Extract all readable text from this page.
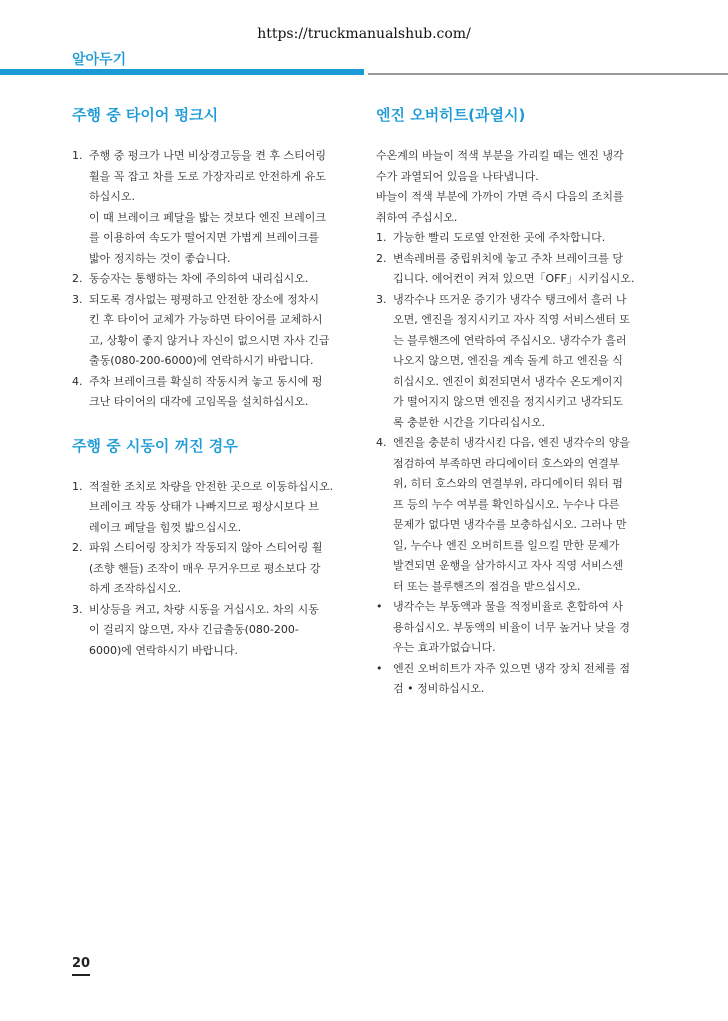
https://truckmanualshub.com/
알아두기
주행 중 타이어 펑크시
1. 주행 중 펑크가 나면 비상경고등을 켠 후 스티어링
휠을 꼭 잡고 차를 도로 가장자리로 안전하게 유도
하십시오.
이 때 브레이크 페달을 밟는 것보다 엔진 브레이크
를 이용하여 속도가 떨어지면 가볍게 브레이크를
밟아 정지하는 것이 좋습니다.
2. 동승자는 통행하는 차에 주의하여 내리십시오.
3. 되도록 경사없는 평평하고 안전한 장소에 정차시
킨 후 타이어 교체가 가능하면 타이어를 교체하시
고, 상황이 좋지 않거나 자신이 없으시면 자사 긴급
출동(080-200-6000)에 연락하시기 바랍니다.
4. 주차 브레이크를 확실히 작동시켜 놓고 동시에 펑
크난 타이어의 대각에 고임목을 설치하십시오.
주행 중 시동이 꺼진 경우
1. 적절한 조치로 차량을 안전한 곳으로 이동하십시오.
브레이크 작동 상태가 나빠지므로 평상시보다 브
레이크 페달을 힘껏 밟으십시오.
2. 파워 스티어링 장치가 작동되지 않아 스티어링 휠
(조향 핸들) 조작이 매우 무거우므로 평소보다 강
하게 조작하십시오.
3. 비상등을 켜고, 차량 시동을 거십시오. 차의 시동
이 걸리지 않으면, 자사 긴급출동(080-200-
6000)에 연락하시기 바랍니다.
엔진 오버히트(과열시)

수온계의 바늘이 적색 부분을 가리킬 때는 엔진 냉각
수가 과열되어 있음을 나타냅니다.
바늘이 적색 부분에 가까이 가면 즉시 다음의 조치를
취하여 주십시오.

1. 가능한 빨리 도로옆 안전한 곳에 주차합니다.
2. 변속레버를 중립위치에 놓고 주차 브레이크를 당
깁니다. 에어컨이 켜져 있으면「OFF」시키십시오.
3. 냉각수나 뜨거운 증기가 냉각수 탱크에서 흘러 나
오면, 엔진을 정지시키고 자사 직영 서비스센터 또
는 블루핸즈에 연락하여 주십시오. 냉각수가 흘러
나오지 않으면, 엔진을 계속 돌게 하고 엔진을 식
히십시오. 엔진이 회전되면서 냉각수 온도게이지
가 떨어지지 않으면 엔진을 정지시키고 냉각되도
록 충분한 시간을 기다리십시오.
4. 엔진을 충분히 냉각시킨 다음, 엔진 냉각수의 양을
점검하여 부족하면 라디에이터 호스와의 연결부
위, 히터 호스와의 연결부위, 라디에이터 워터 펌
프 등의 누수 여부를 확인하십시오. 누수나 다른
문제가 없다면 냉각수를 보충하십시오. 그러나 만
일, 누수나 엔진 오버히트를 일으킬 만한 문제가
발견되면 운행을 삼가하시고 자사 직영 서비스센
터 또는 블루핸즈의 점검을 받으십시오.
• 냉각수는 부동액과 물을 적정비율로 혼합하여 사
용하십시오. 부동액의 비율이 너무 높거나 낮을 경
우는 효과가없습니다.
• 엔진 오버히트가 자주 있으면 냉각 장치 전체를 점
검 • 정비하십시오.
20
